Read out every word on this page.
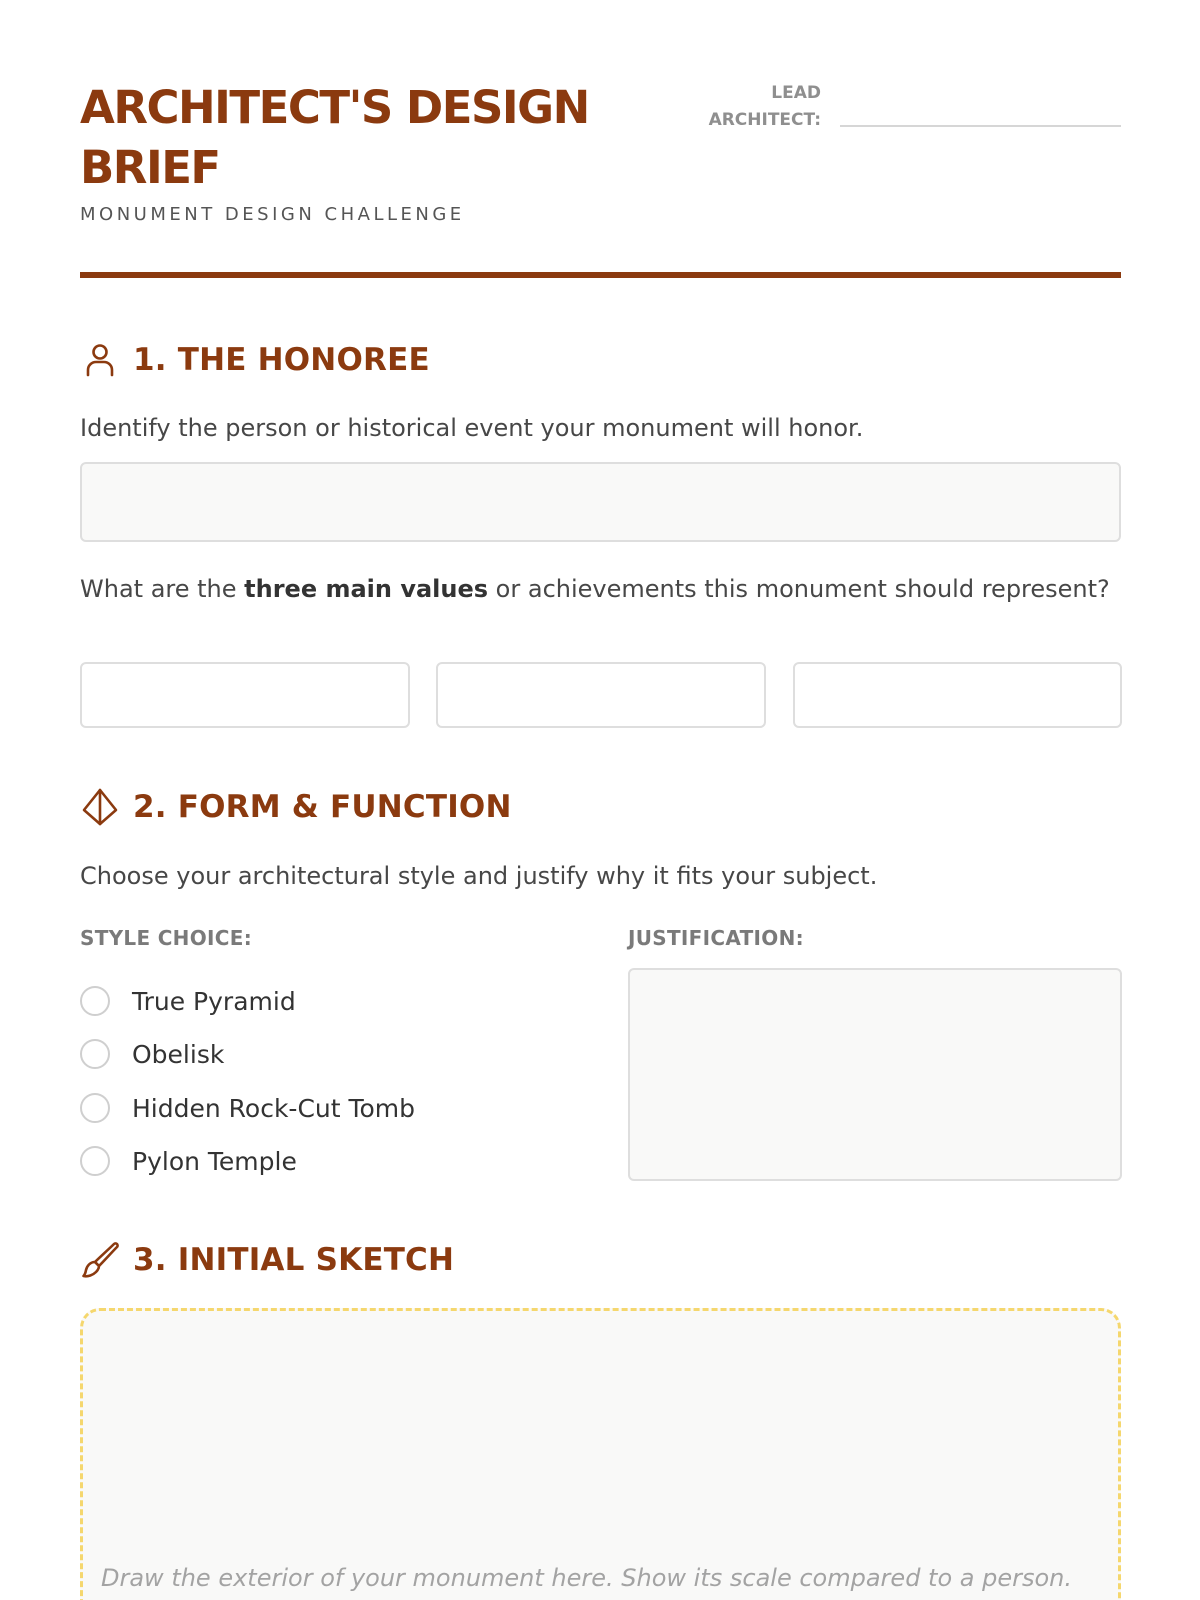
ARCHITECT'S DESIGN BRIEF
MONUMENT DESIGN CHALLENGE
LEAD
ARCHITECT:
1. THE HONOREE
Identify the person or historical event your monument will honor.
What are the three main values or achievements this monument should represent?
2. FORM & FUNCTION
Choose your architectural style and justify why it fits your subject.
STYLE CHOICE:	JUSTIFICATION:
True Pyramid
Obelisk
Hidden Rock-Cut Tomb
Pylon Temple
3. INITIAL SKETCH
Draw the exterior of your monument here. Show its scale compared to a person.
